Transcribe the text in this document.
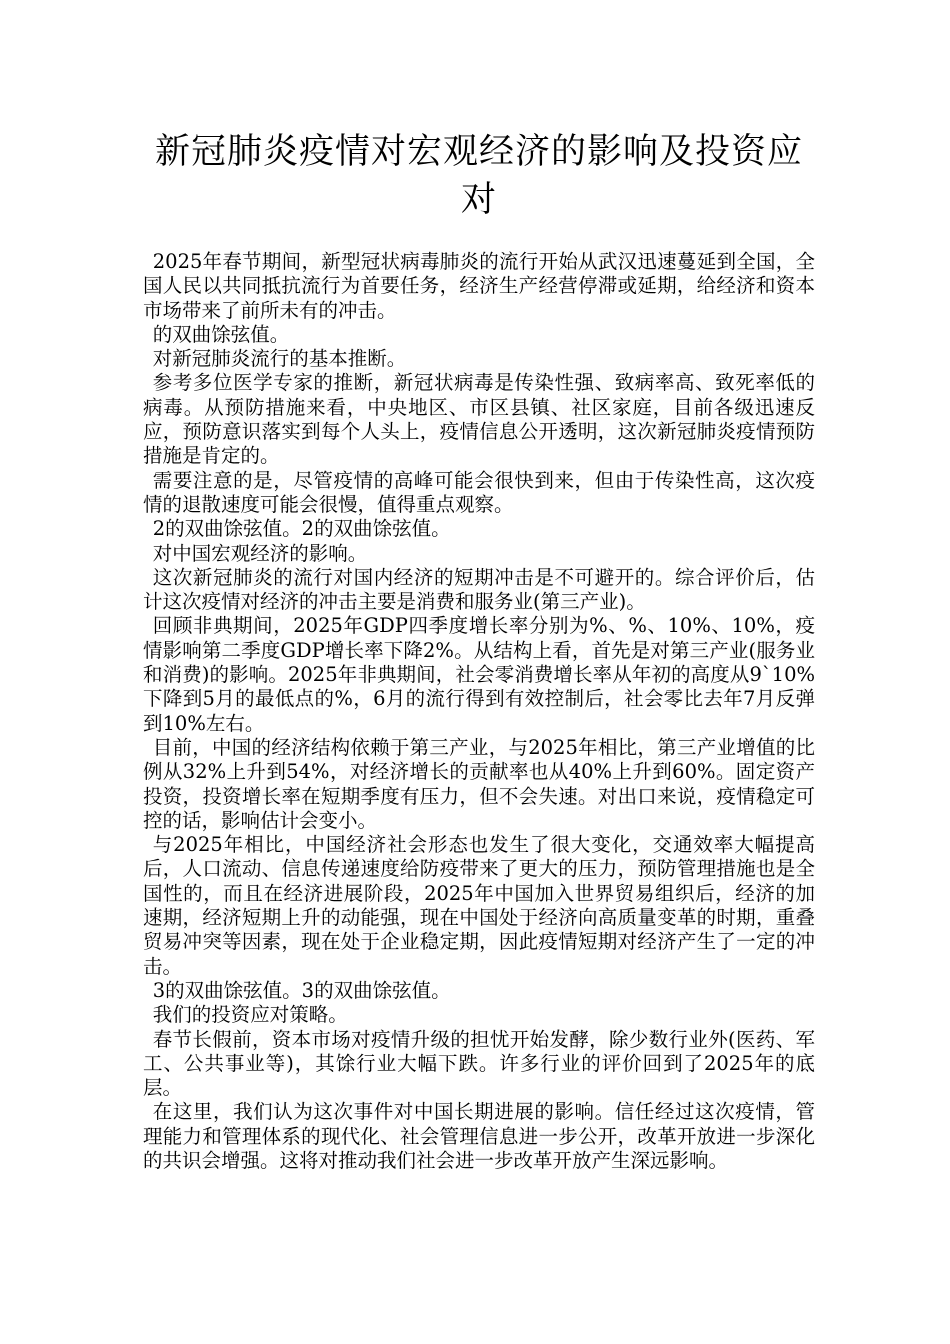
新冠肺炎疫情对宏观经济的影响及投资应对

2025年春节期间，新型冠状病毒肺炎的流行开始从武汉迅速蔓延到全国，全国人民以共同抵抗流行为首要任务，经济生产经营停滞或延期，给经济和资本市场带来了前所未有的冲击。

的双曲馀弦值。

对新冠肺炎流行的基本推断。

参考多位医学专家的推断，新冠状病毒是传染性强、致病率高、致死率低的病毒。从预防措施来看，中央地区、市区县镇、社区家庭，目前各级迅速反应，预防意识落实到每个人头上，疫情信息公开透明，这次新冠肺炎疫情预防措施是肯定的。

需要注意的是，尽管疫情的高峰可能会很快到来，但由于传染性高，这次疫情的退散速度可能会很慢，值得重点观察。

2的双曲馀弦值。2的双曲馀弦值。

对中国宏观经济的影响。

这次新冠肺炎的流行对国内经济的短期冲击是不可避开的。综合评价后，估计这次疫情对经济的冲击主要是消费和服务业(第三产业)。

回顾非典期间，2025年GDP四季度增长率分别为%、%、10%、10%，疫情影响第二季度GDP增长率下降2%。从结构上看，首先是对第三产业(服务业和消费)的影响。2025年非典期间，社会零消费增长率从年初的高度从9`10%下降到5月的最低点的%，6月的流行得到有效控制后，社会零比去年7月反弹到10%左右。

目前，中国的经济结构依赖于第三产业，与2025年相比，第三产业增值的比例从32%上升到54%，对经济增长的贡献率也从40%上升到60%。固定资产投资，投资增长率在短期季度有压力，但不会失速。对出口来说，疫情稳定可控的话，影响估计会变小。

与2025年相比，中国经济社会形态也发生了很大变化，交通效率大幅提高后，人口流动、信息传递速度给防疫带来了更大的压力，预防管理措施也是全国性的，而且在经济进展阶段，2025年中国加入世界贸易组织后，经济的加速期，经济短期上升的动能强，现在中国处于经济向高质量变革的时期，重叠贸易冲突等因素，现在处于企业稳定期，因此疫情短期对经济产生了一定的冲击。

3的双曲馀弦值。3的双曲馀弦值。

我们的投资应对策略。

春节长假前，资本市场对疫情升级的担忧开始发酵，除少数行业外(医药、军工、公共事业等)，其馀行业大幅下跌。许多行业的评价回到了2025年的底层。

在这里，我们认为这次事件对中国长期进展的影响。信任经过这次疫情，管理能力和管理体系的现代化、社会管理信息进一步公开，改革开放进一步深化的共识会增强。这将对推动我们社会进一步改革开放产生深远影响。
